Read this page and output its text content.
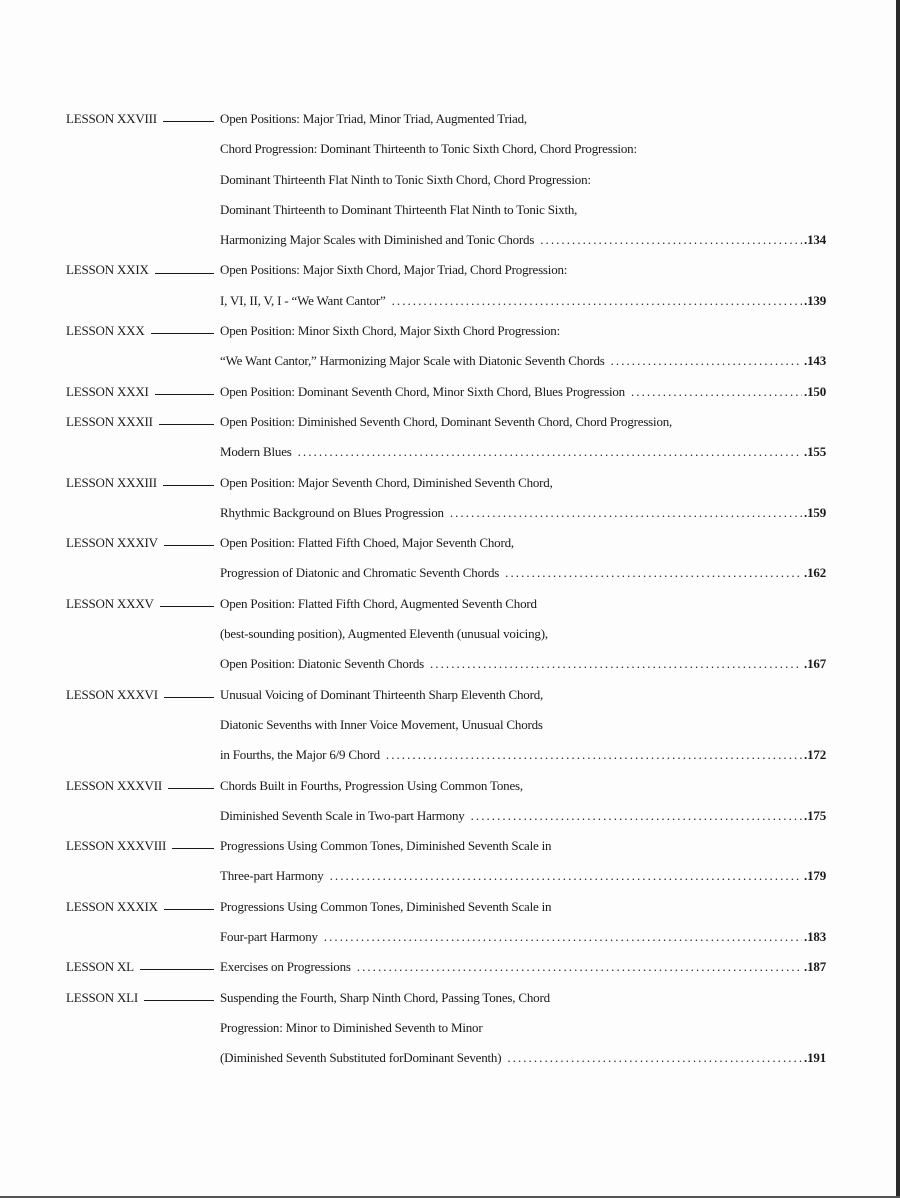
LESSON XXVIII	Open Positions: Major Triad, Minor Triad, Augmented Triad,
Chord Progression: Dominant Thirteenth to Tonic Sixth Chord, Chord Progression:
Dominant Thirteenth Flat Ninth to Tonic Sixth Chord, Chord Progression:
Dominant Thirteenth to Dominant Thirteenth Flat Ninth to Tonic Sixth,
Harmonizing Major Scales with Diminished and Tonic Chords . . .	.134
LESSON XXIX	Open Positions: Major Sixth Chord, Major Triad, Chord Progression:
I, VI, II, V, I - “We Want Cantor” . . .	.139
LESSON XXX	Open Position: Minor Sixth Chord, Major Sixth Chord Progression:
“We Want Cantor,” Harmonizing Major Scale with Diatonic Seventh Chords . . .	.143
LESSON XXXI	Open Position: Dominant Seventh Chord, Minor Sixth Chord, Blues Progression . . .	.150
LESSON XXXII	Open Position: Diminished Seventh Chord, Dominant Seventh Chord, Chord Progression,
Modern Blues . . .	.155
LESSON XXXIII	Open Position: Major Seventh Chord, Diminished Seventh Chord,
Rhythmic Background on Blues Progression . . .	.159
LESSON XXXIV	Open Position: Flatted Fifth Choed, Major Seventh Chord,
Progression of Diatonic and Chromatic Seventh Chords . . .	.162
LESSON XXXV	Open Position: Flatted Fifth Chord, Augmented Seventh Chord
(best-sounding position), Augmented Eleventh (unusual voicing),
Open Position: Diatonic Seventh Chords . . .	.167
LESSON XXXVI	Unusual Voicing of Dominant Thirteenth Sharp Eleventh Chord,
Diatonic Sevenths with Inner Voice Movement, Unusual Chords
in Fourths, the Major 6/9 Chord . . .	.172
LESSON XXXVII	Chords Built in Fourths, Progression Using Common Tones,
Diminished Seventh Scale in Two-part Harmony . . .	.175
LESSON XXXVIII	Progressions Using Common Tones, Diminished Seventh Scale in
Three-part Harmony . . .	.179
LESSON XXXIX	Progressions Using Common Tones, Diminished Seventh Scale in
Four-part Harmony . . .	.183
LESSON XL	Exercises on Progressions . . .	.187
LESSON XLI	Suspending the Fourth, Sharp Ninth Chord, Passing Tones, Chord
Progression: Minor to Diminished Seventh to Minor
(Diminished Seventh Substituted forDominant Seventh) . . .	.191
